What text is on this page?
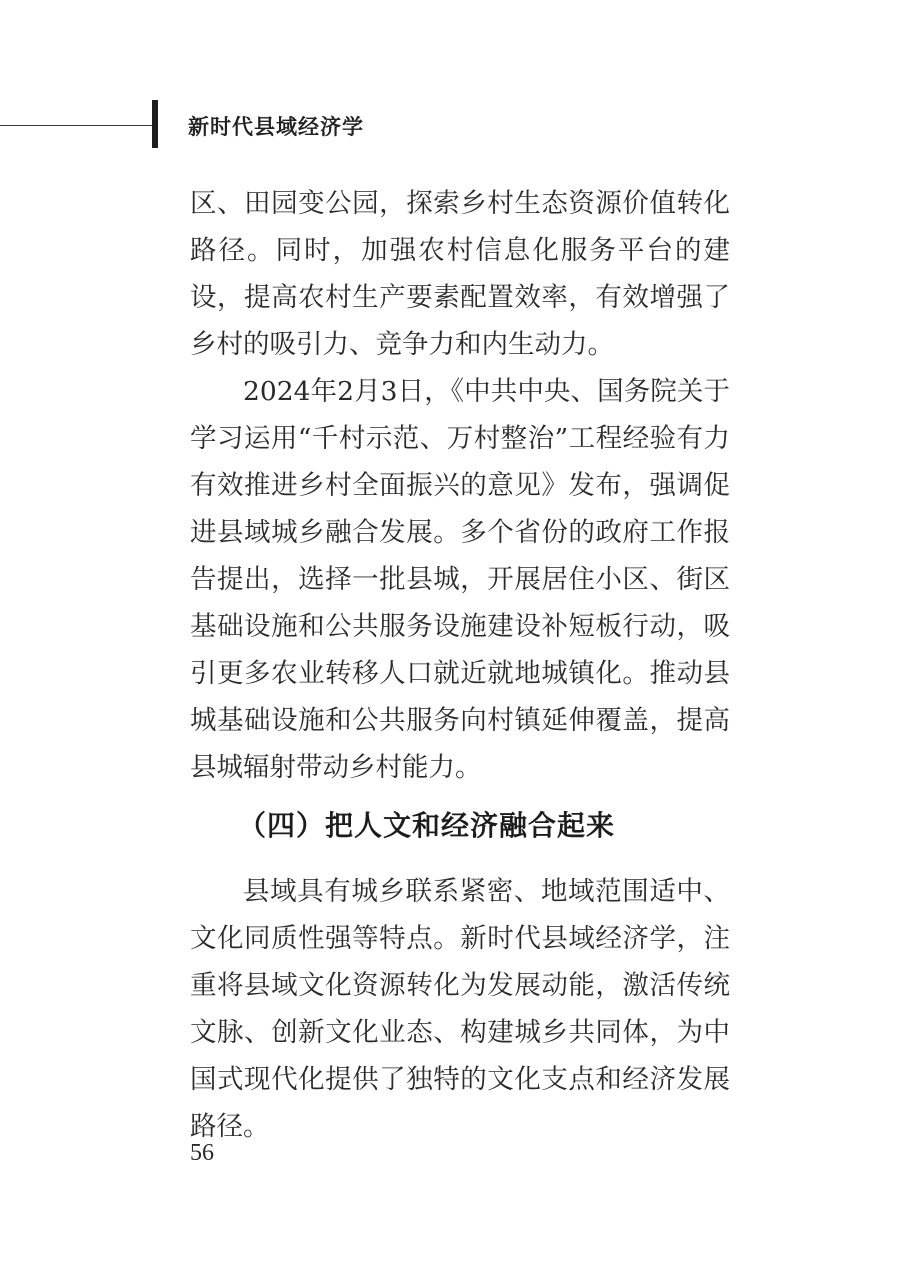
新时代县域经济学

区、田园变公园，探索乡村生态资源价值转化路径。同时，加强农村信息化服务平台的建设，提高农村生产要素配置效率，有效增强了乡村的吸引力、竞争力和内生动力。

2024年2月3日，《中共中央、国务院关于学习运用“千村示范、万村整治”工程经验有力有效推进乡村全面振兴的意见》发布，强调促进县域城乡融合发展。多个省份的政府工作报告提出，选择一批县城，开展居住小区、街区基础设施和公共服务设施建设补短板行动，吸引更多农业转移人口就近就地城镇化。推动县城基础设施和公共服务向村镇延伸覆盖，提高县城辐射带动乡村能力。

（四）把人文和经济融合起来

县域具有城乡联系紧密、地域范围适中、文化同质性强等特点。新时代县域经济学，注重将县域文化资源转化为发展动能，激活传统文脉、创新文化业态、构建城乡共同体，为中国式现代化提供了独特的文化支点和经济发展路径。

56
